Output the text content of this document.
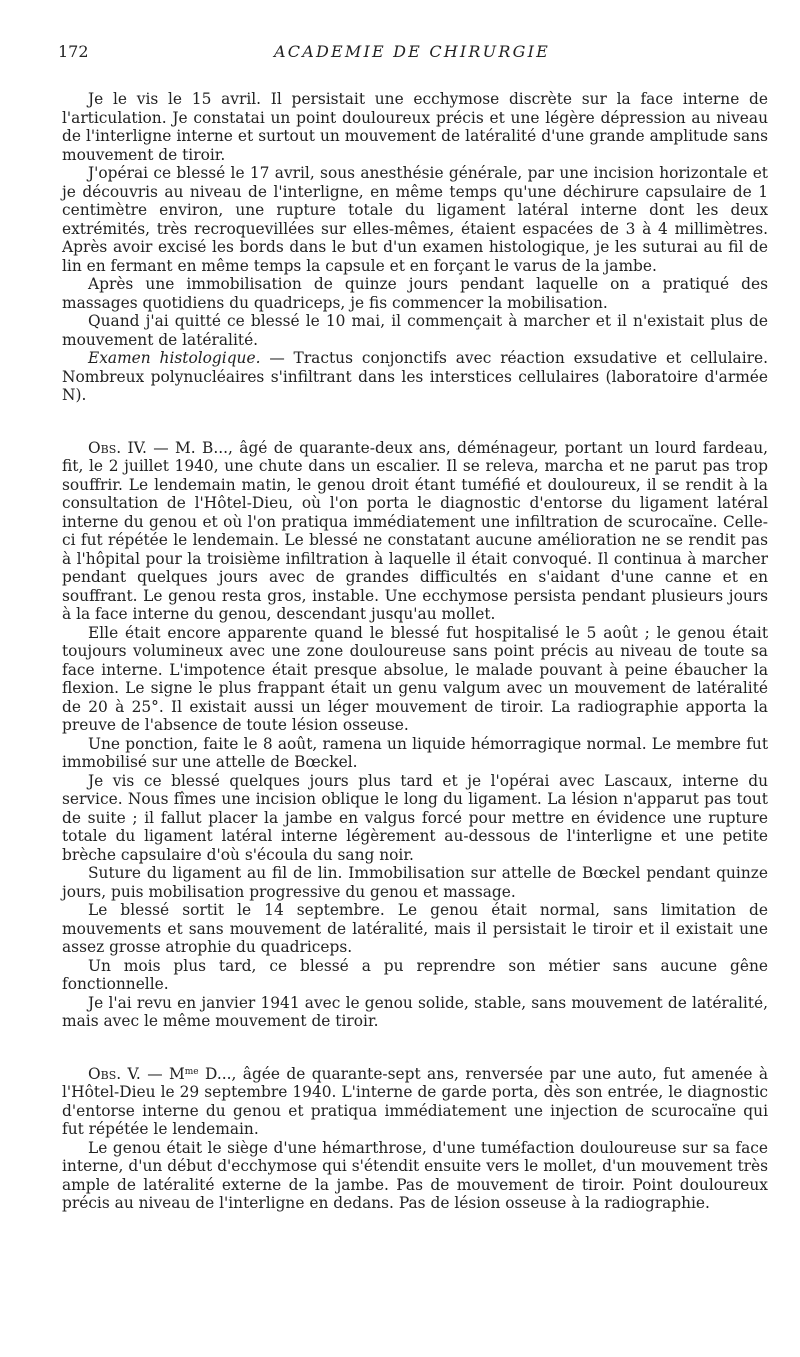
172	ACADEMIE DE CHIRURGIE

Je le vis le 15 avril. Il persistait une ecchymose discrète sur la face interne de l'articulation. Je constatai un point douloureux précis et une légère dépression au niveau de l'interligne interne et surtout un mouvement de latéralité d'une grande amplitude sans mouvement de tiroir.

J'opérai ce blessé le 17 avril, sous anesthésie générale, par une incision horizontale et je découvris au niveau de l'interligne, en même temps qu'une déchirure capsulaire de 1 centimètre environ, une rupture totale du ligament latéral interne dont les deux extrémités, très recroquevillées sur elles-mêmes, étaient espacées de 3 à 4 millimètres. Après avoir excisé les bords dans le but d'un examen histologique, je les suturai au fil de lin en fermant en même temps la capsule et en forçant le varus de la jambe.

Après une immobilisation de quinze jours pendant laquelle on a pratiqué des massages quotidiens du quadriceps, je fis commencer la mobilisation.

Quand j'ai quitté ce blessé le 10 mai, il commençait à marcher et il n'existait plus de mouvement de latéralité.

Examen histologique. — Tractus conjonctifs avec réaction exsudative et cellulaire. Nombreux polynucléaires s'infiltrant dans les interstices cellulaires (laboratoire d'armée N).

Obs. IV. — M. B..., âgé de quarante-deux ans, déménageur, portant un lourd fardeau, fit, le 2 juillet 1940, une chute dans un escalier. Il se releva, marcha et ne parut pas trop souffrir. Le lendemain matin, le genou droit étant tuméfié et douloureux, il se rendit à la consultation de l'Hôtel-Dieu, où l'on porta le diagnostic d'entorse du ligament latéral interne du genou et où l'on pratiqua immédiatement une infiltration de scurocaïne. Celle-ci fut répétée le lendemain. Le blessé ne constatant aucune amélioration ne se rendit pas à l'hôpital pour la troisième infiltration à laquelle il était convoqué. Il continua à marcher pendant quelques jours avec de grandes difficultés en s'aidant d'une canne et en souffrant. Le genou resta gros, instable. Une ecchymose persista pendant plusieurs jours à la face interne du genou, descendant jusqu'au mollet.

Elle était encore apparente quand le blessé fut hospitalisé le 5 août ; le genou était toujours volumineux avec une zone douloureuse sans point précis au niveau de toute sa face interne. L'impotence était presque absolue, le malade pouvant à peine ébaucher la flexion. Le signe le plus frappant était un genu valgum avec un mouvement de latéralité de 20 à 25°. Il existait aussi un léger mouvement de tiroir. La radiographie apporta la preuve de l'absence de toute lésion osseuse.

Une ponction, faite le 8 août, ramena un liquide hémorragique normal. Le membre fut immobilisé sur une attelle de Bœckel.

Je vis ce blessé quelques jours plus tard et je l'opérai avec Lascaux, interne du service. Nous fîmes une incision oblique le long du ligament. La lésion n'apparut pas tout de suite ; il fallut placer la jambe en valgus forcé pour mettre en évidence une rupture totale du ligament latéral interne légèrement au-dessous de l'interligne et une petite brèche capsulaire d'où s'écoula du sang noir.

Suture du ligament au fil de lin. Immobilisation sur attelle de Bœckel pendant quinze jours, puis mobilisation progressive du genou et massage.

Le blessé sortit le 14 septembre. Le genou était normal, sans limitation de mouvements et sans mouvement de latéralité, mais il persistait le tiroir et il existait une assez grosse atrophie du quadriceps.

Un mois plus tard, ce blessé a pu reprendre son métier sans aucune gêne fonctionnelle.

Je l'ai revu en janvier 1941 avec le genou solide, stable, sans mouvement de latéralité, mais avec le même mouvement de tiroir.

Obs. V. — $M^{me}$ D..., âgée de quarante-sept ans, renversée par une auto, fut amenée à l'Hôtel-Dieu le 29 septembre 1940. L'interne de garde porta, dès son entrée, le diagnostic d'entorse interne du genou et pratiqua immédiatement une injection de scurocaïne qui fut répétée le lendemain.

Le genou était le siège d'une hémarthrose, d'une tuméfaction douloureuse sur sa face interne, d'un début d'ecchymose qui s'étendit ensuite vers le mollet, d'un mouvement très ample de latéralité externe de la jambe. Pas de mouvement de tiroir. Point douloureux précis au niveau de l'interligne en dedans. Pas de lésion osseuse à la radiographie.
